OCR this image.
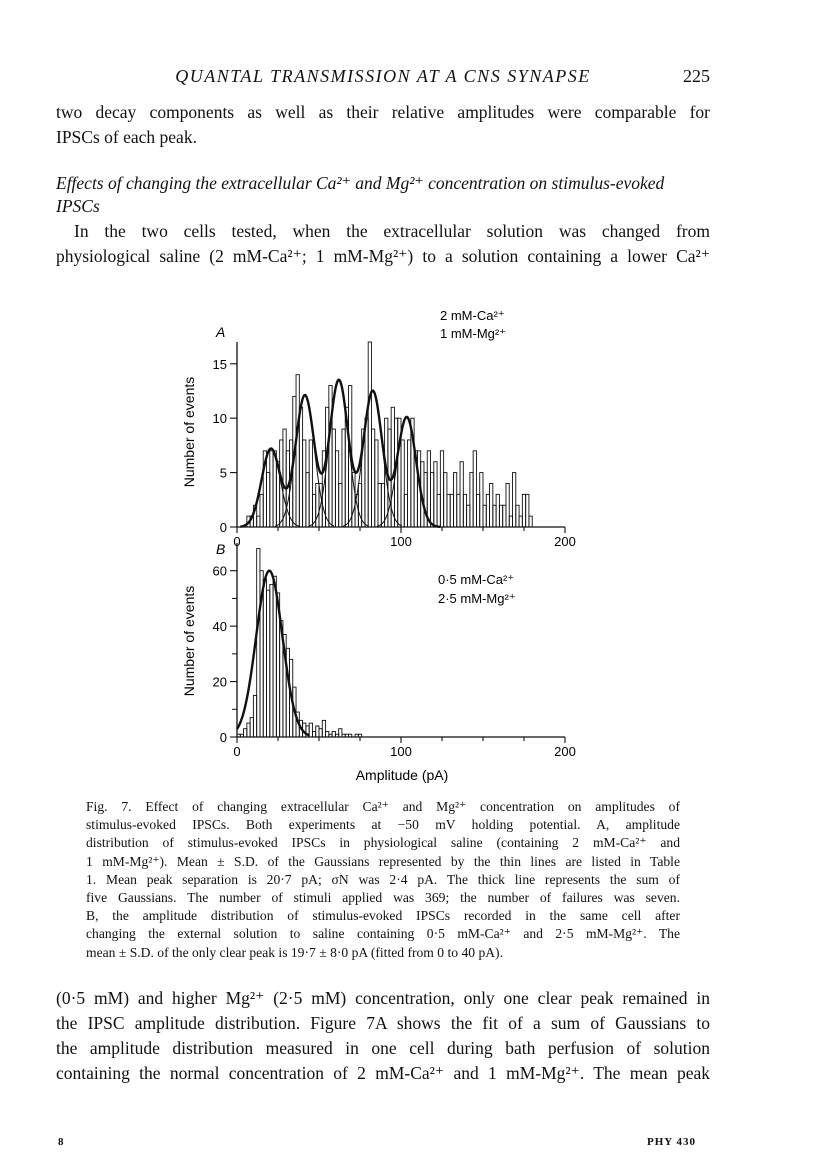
QUANTAL TRANSMISSION AT A CNS SYNAPSE	225
two decay components as well as their relative amplitudes were comparable for
IPSCs of each peak.
Effects of changing the extracellular Ca²⁺ and Mg²⁺ concentration on stimulus-evoked
IPSCs
In the two cells tested, when the extracellular solution was changed from
physiological saline (2 mM-Ca²⁺; 1 mM-Mg²⁺) to a solution containing a lower Ca²⁺
0	100	200
0
5
10
15
0	100	200
0
20
40
60
A
B
2 mM-Ca²⁺
1 mM-Mg²⁺
0·5 mM-Ca²⁺
2·5 mM-Mg²⁺
Number of events
Number of events
Amplitude (pA)
Fig. 7. Effect of changing extracellular Ca²⁺ and Mg²⁺ concentration on amplitudes of
stimulus-evoked IPSCs. Both experiments at −50 mV holding potential. A, amplitude
distribution of stimulus-evoked IPSCs in physiological saline (containing 2 mM-Ca²⁺ and
1 mM-Mg²⁺). Mean ± S.D. of the Gaussians represented by the thin lines are listed in Table
1. Mean peak separation is 20·7 pA; σN was 2·4 pA. The thick line represents the sum of
five Gaussians. The number of stimuli applied was 369; the number of failures was seven.
B, the amplitude distribution of stimulus-evoked IPSCs recorded in the same cell after
changing the external solution to saline containing 0·5 mM-Ca²⁺ and 2·5 mM-Mg²⁺. The
mean ± S.D. of the only clear peak is 19·7 ± 8·0 pA (fitted from 0 to 40 pA).
(0·5 mM) and higher Mg²⁺ (2·5 mM) concentration, only one clear peak remained in
the IPSC amplitude distribution. Figure 7A shows the fit of a sum of Gaussians to
the amplitude distribution measured in one cell during bath perfusion of solution
containing the normal concentration of 2 mM-Ca²⁺ and 1 mM-Mg²⁺. The mean peak
8	PHY 430
